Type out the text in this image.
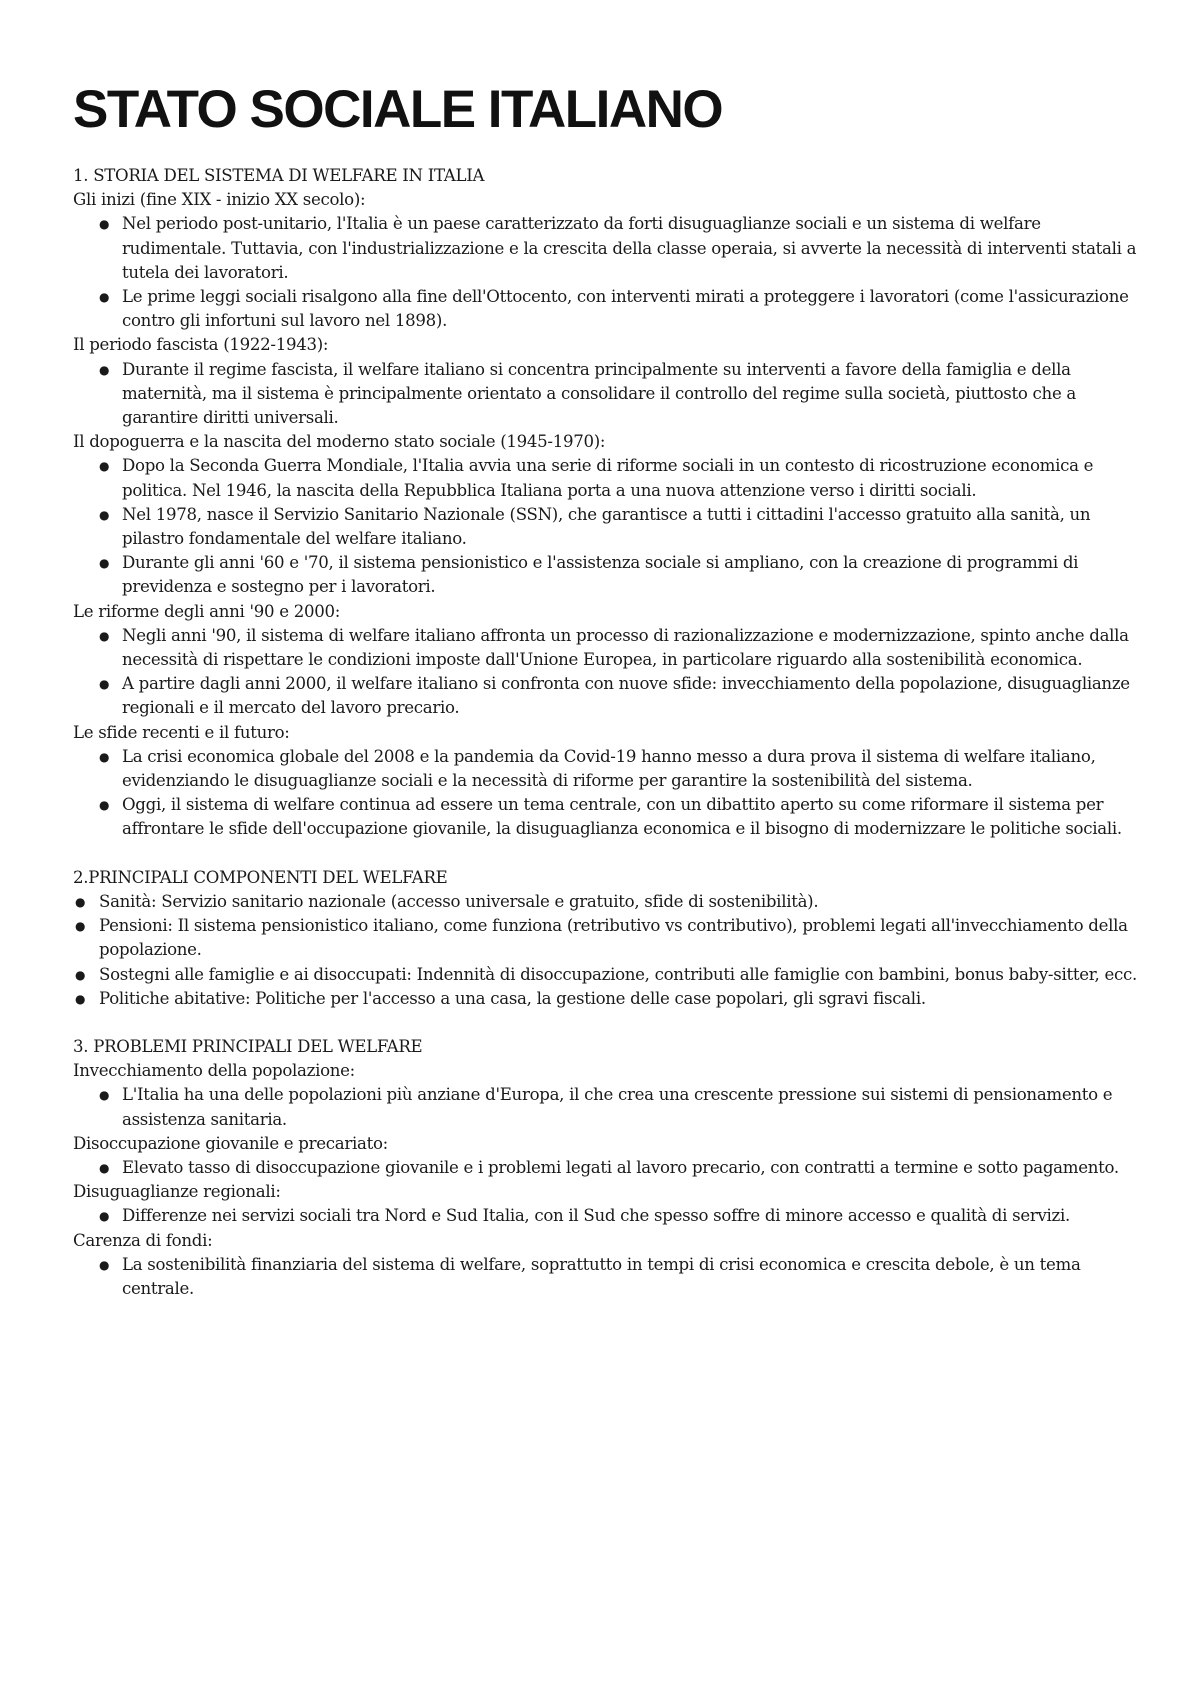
STATO SOCIALE ITALIANO

1. STORIA DEL SISTEMA DI WELFARE IN ITALIA

Gli inizi (fine XIX - inizio XX secolo):

● Nel periodo post-unitario, l'Italia è un paese caratterizzato da forti disuguaglianze sociali e un sistema di welfare rudimentale. Tuttavia, con l'industrializzazione e la crescita della classe operaia, si avverte la necessità di interventi statali a tutela dei lavoratori.
● Le prime leggi sociali risalgono alla fine dell'Ottocento, con interventi mirati a proteggere i lavoratori (come l'assicurazione contro gli infortuni sul lavoro nel 1898).

Il periodo fascista (1922-1943):

● Durante il regime fascista, il welfare italiano si concentra principalmente su interventi a favore della famiglia e della maternità, ma il sistema è principalmente orientato a consolidare il controllo del regime sulla società, piuttosto che a garantire diritti universali.

Il dopoguerra e la nascita del moderno stato sociale (1945-1970):

● Dopo la Seconda Guerra Mondiale, l'Italia avvia una serie di riforme sociali in un contesto di ricostruzione economica e politica. Nel 1946, la nascita della Repubblica Italiana porta a una nuova attenzione verso i diritti sociali.
● Nel 1978, nasce il Servizio Sanitario Nazionale (SSN), che garantisce a tutti i cittadini l'accesso gratuito alla sanità, un pilastro fondamentale del welfare italiano.
● Durante gli anni '60 e '70, il sistema pensionistico e l'assistenza sociale si ampliano, con la creazione di programmi di previdenza e sostegno per i lavoratori.

Le riforme degli anni '90 e 2000:

● Negli anni '90, il sistema di welfare italiano affronta un processo di razionalizzazione e modernizzazione, spinto anche dalla necessità di rispettare le condizioni imposte dall'Unione Europea, in particolare riguardo alla sostenibilità economica.
● A partire dagli anni 2000, il welfare italiano si confronta con nuove sfide: invecchiamento della popolazione, disuguaglianze regionali e il mercato del lavoro precario.

Le sfide recenti e il futuro:

● La crisi economica globale del 2008 e la pandemia da Covid-19 hanno messo a dura prova il sistema di welfare italiano, evidenziando le disuguaglianze sociali e la necessità di riforme per garantire la sostenibilità del sistema.
● Oggi, il sistema di welfare continua ad essere un tema centrale, con un dibattito aperto su come riformare il sistema per affrontare le sfide dell'occupazione giovanile, la disuguaglianza economica e il bisogno di modernizzare le politiche sociali.

2.PRINCIPALI COMPONENTI DEL WELFARE

● Sanità: Servizio sanitario nazionale (accesso universale e gratuito, sfide di sostenibilità).
● Pensioni: Il sistema pensionistico italiano, come funziona (retributivo vs contributivo), problemi legati all'invecchiamento della popolazione.
● Sostegni alle famiglie e ai disoccupati: Indennità di disoccupazione, contributi alle famiglie con bambini, bonus baby-sitter, ecc.
● Politiche abitative: Politiche per l'accesso a una casa, la gestione delle case popolari, gli sgravi fiscali.

3. PROBLEMI PRINCIPALI DEL WELFARE

Invecchiamento della popolazione:

● L'Italia ha una delle popolazioni più anziane d'Europa, il che crea una crescente pressione sui sistemi di pensionamento e assistenza sanitaria.

Disoccupazione giovanile e precariato:

● Elevato tasso di disoccupazione giovanile e i problemi legati al lavoro precario, con contratti a termine e sotto pagamento.

Disuguaglianze regionali:

● Differenze nei servizi sociali tra Nord e Sud Italia, con il Sud che spesso soffre di minore accesso e qualità di servizi.

Carenza di fondi:

● La sostenibilità finanziaria del sistema di welfare, soprattutto in tempi di crisi economica e crescita debole, è un tema centrale.
